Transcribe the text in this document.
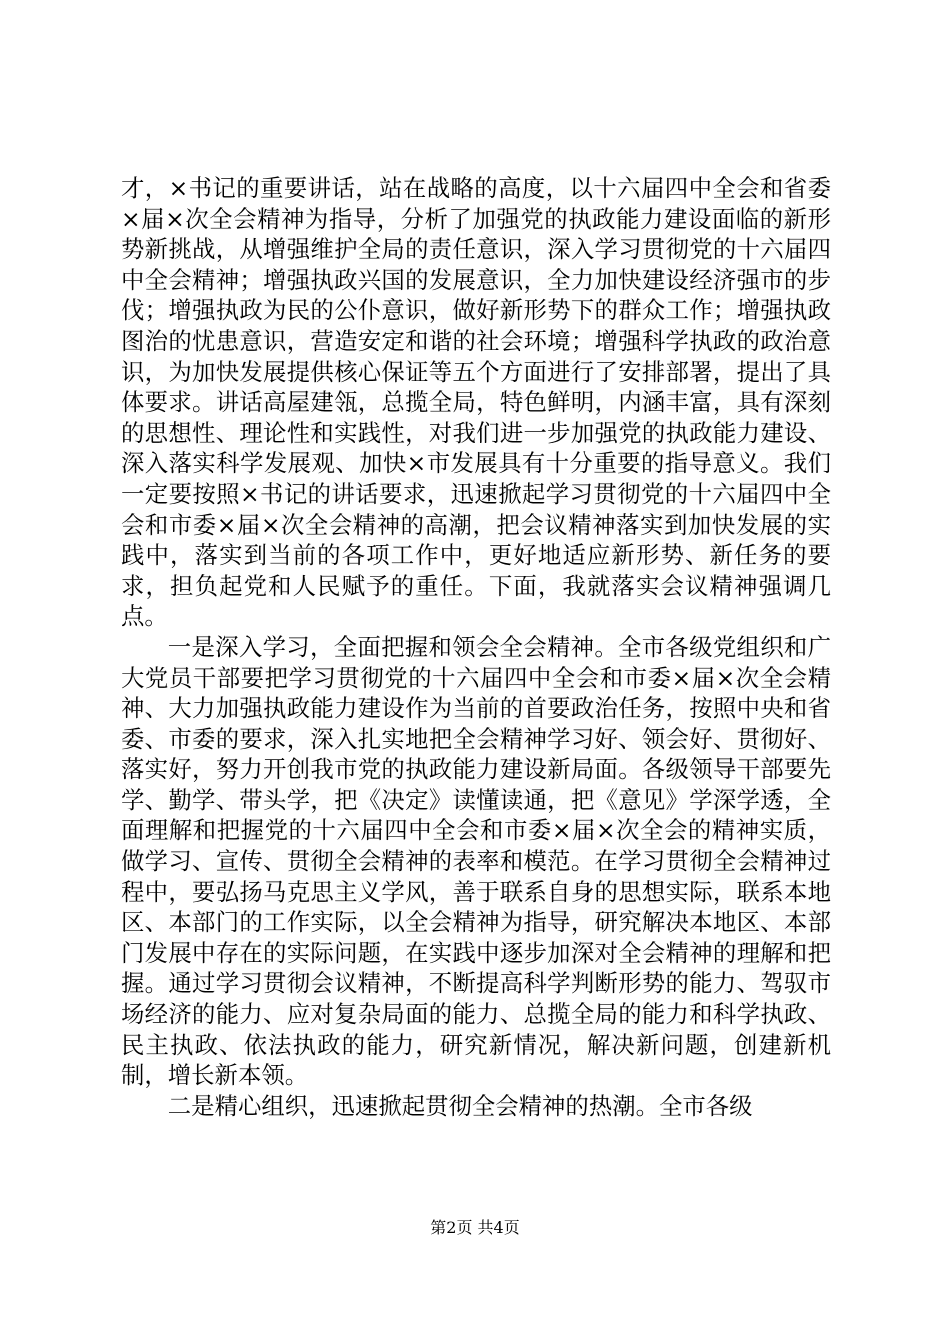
才，×书记的重要讲话，站在战略的高度，以十六届四中全会和省委×届×次全会精神为指导，分析了加强党的执政能力建设面临的新形势新挑战，从增强维护全局的责任意识，深入学习贯彻党的十六届四中全会精神；增强执政兴国的发展意识，全力加快建设经济强市的步伐；增强执政为民的公仆意识，做好新形势下的群众工作；增强执政图治的忧患意识，营造安定和谐的社会环境；增强科学执政的政治意识，为加快发展提供核心保证等五个方面进行了安排部署，提出了具体要求。讲话高屋建瓴，总揽全局，特色鲜明，内涵丰富，具有深刻的思想性、理论性和实践性，对我们进一步加强党的执政能力建设、深入落实科学发展观、加快×市发展具有十分重要的指导意义。我们一定要按照×书记的讲话要求，迅速掀起学习贯彻党的十六届四中全会和市委×届×次全会精神的高潮，把会议精神落实到加快发展的实践中，落实到当前的各项工作中，更好地适应新形势、新任务的要求，担负起党和人民赋予的重任。下面，我就落实会议精神强调几点。

一是深入学习，全面把握和领会全会精神。全市各级党组织和广大党员干部要把学习贯彻党的十六届四中全会和市委×届×次全会精神、大力加强执政能力建设作为当前的首要政治任务，按照中央和省委、市委的要求，深入扎实地把全会精神学习好、领会好、贯彻好、落实好，努力开创我市党的执政能力建设新局面。各级领导干部要先学、勤学、带头学，把《决定》读懂读通，把《意见》学深学透，全面理解和把握党的十六届四中全会和市委×届×次全会的精神实质，做学习、宣传、贯彻全会精神的表率和模范。在学习贯彻全会精神过程中，要弘扬马克思主义学风，善于联系自身的思想实际，联系本地区、本部门的工作实际，以全会精神为指导，研究解决本地区、本部门发展中存在的实际问题，在实践中逐步加深对全会精神的理解和把握。通过学习贯彻会议精神，不断提高科学判断形势的能力、驾驭市场经济的能力、应对复杂局面的能力、总揽全局的能力和科学执政、民主执政、依法执政的能力，研究新情况，解决新问题，创建新机制，增长新本领。

二是精心组织，迅速掀起贯彻全会精神的热潮。全市各级

第2页 共4页
